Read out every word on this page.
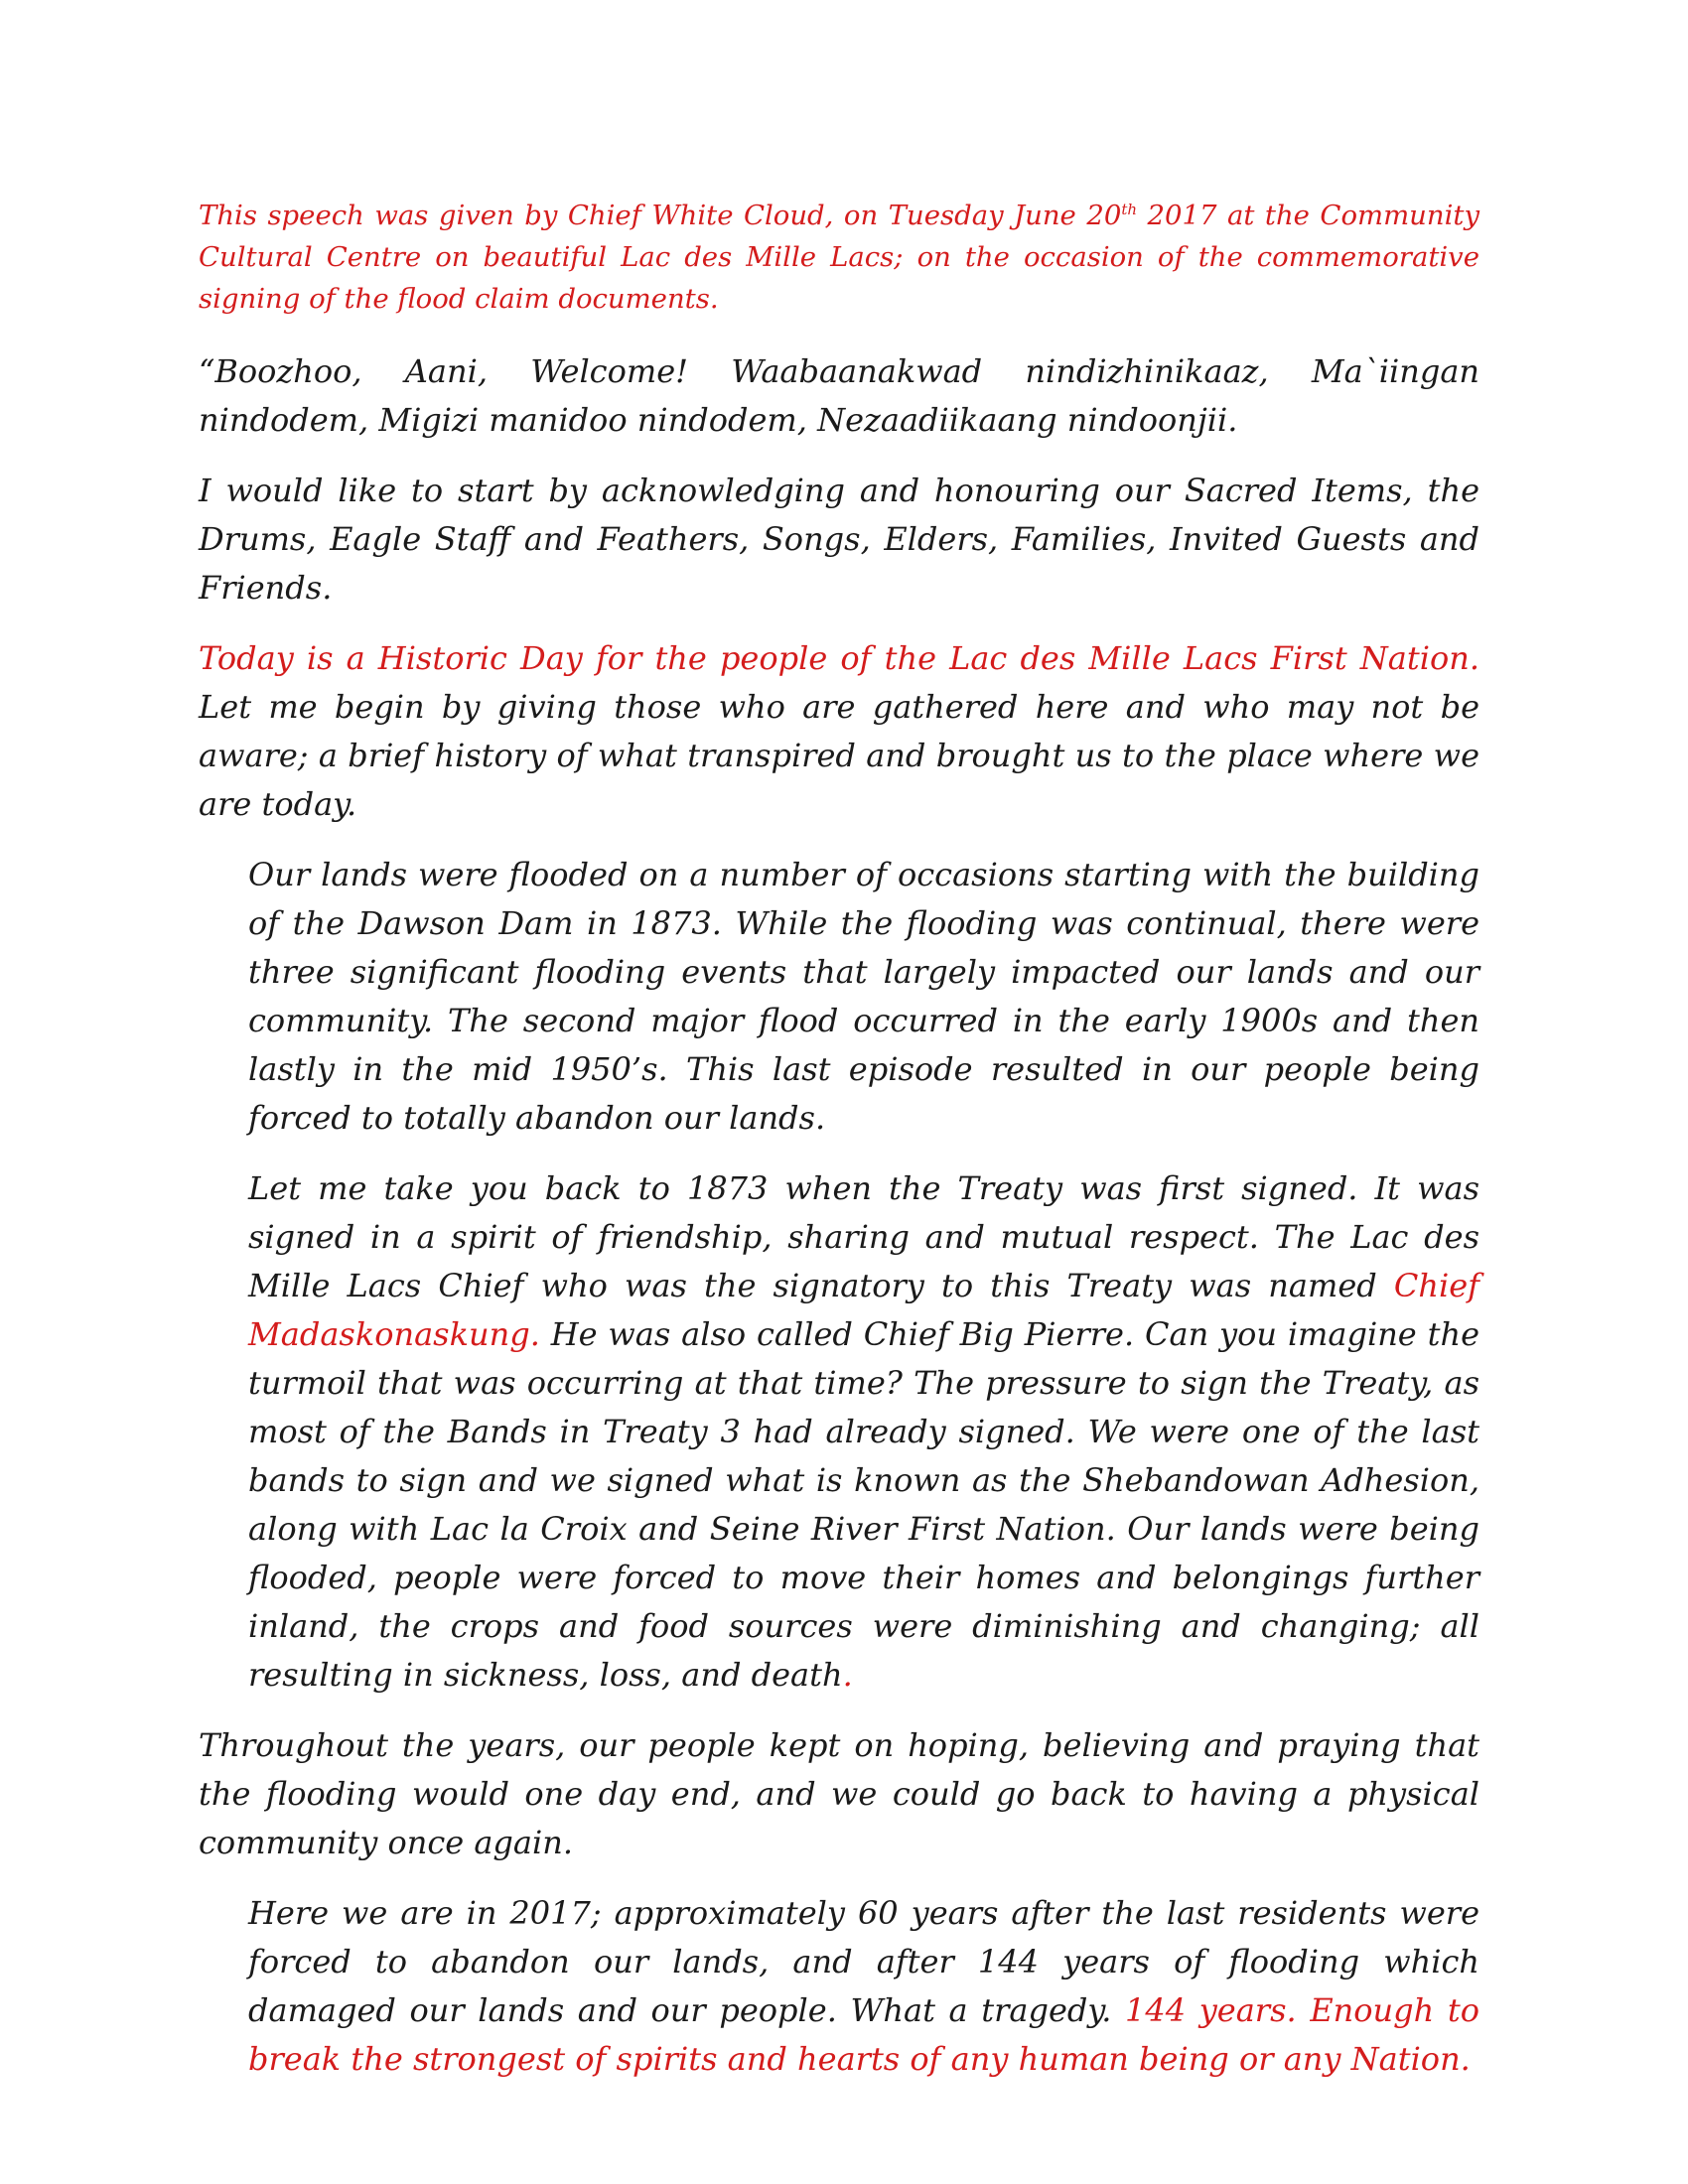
This speech was given by Chief White Cloud, on Tuesday June 20th 2017 at the Community Cultural Centre on beautiful Lac des Mille Lacs; on the occasion of the commemorative signing of the flood claim documents.

“Boozhoo, Aani, Welcome! Waabaanakwad nindizhinikaaz, Ma`iingan nindodem, Migizi manidoo nindodem, Nezaadiikaang nindoonjii.

I would like to start by acknowledging and honouring our Sacred Items, the Drums, Eagle Staff and Feathers, Songs, Elders, Families, Invited Guests and Friends.

Today is a Historic Day for the people of the Lac des Mille Lacs First Nation. Let me begin by giving those who are gathered here and who may not be aware; a brief history of what transpired and brought us to the place where we are today.

Our lands were flooded on a number of occasions starting with the building of the Dawson Dam in 1873. While the flooding was continual, there were three significant flooding events that largely impacted our lands and our community. The second major flood occurred in the early 1900s and then lastly in the mid 1950’s. This last episode resulted in our people being forced to totally abandon our lands.

Let me take you back to 1873 when the Treaty was first signed. It was signed in a spirit of friendship, sharing and mutual respect. The Lac des Mille Lacs Chief who was the signatory to this Treaty was named Chief Madaskonaskung. He was also called Chief Big Pierre. Can you imagine the turmoil that was occurring at that time? The pressure to sign the Treaty, as most of the Bands in Treaty 3 had already signed. We were one of the last bands to sign and we signed what is known as the Shebandowan Adhesion, along with Lac la Croix and Seine River First Nation. Our lands were being flooded, people were forced to move their homes and belongings further inland, the crops and food sources were diminishing and changing; all resulting in sickness, loss, and death.

Throughout the years, our people kept on hoping, believing and praying that the flooding would one day end, and we could go back to having a physical community once again.

Here we are in 2017; approximately 60 years after the last residents were forced to abandon our lands, and after 144 years of flooding which damaged our lands and our people. What a tragedy. 144 years. Enough to break the strongest of spirits and hearts of any human being or any Nation.
